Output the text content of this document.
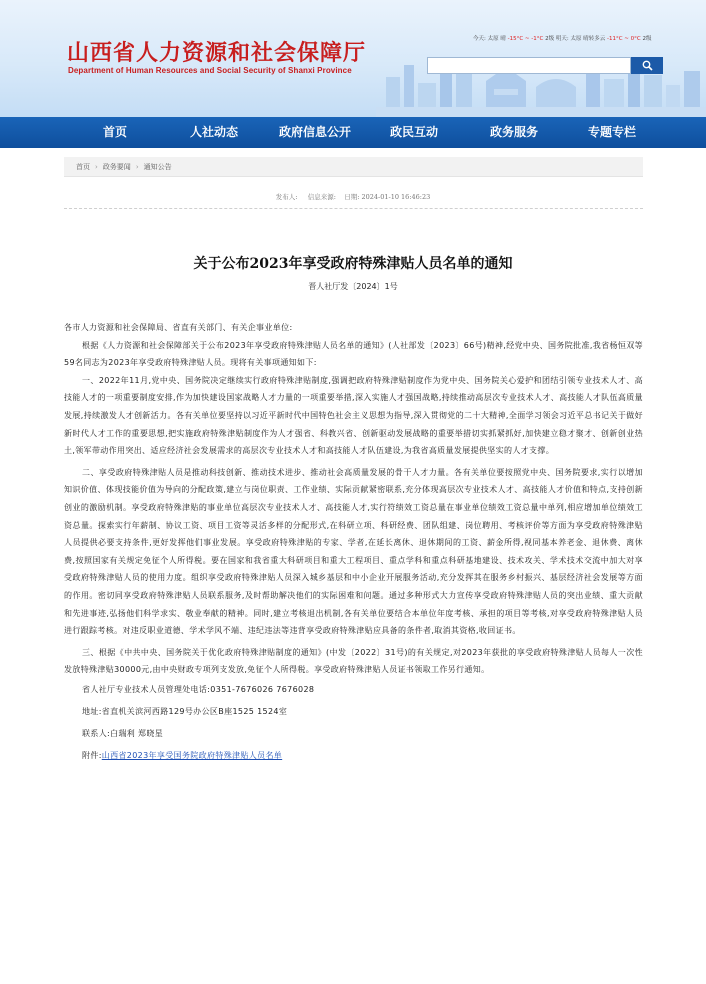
山西省人力资源和社会保障厅
Department of Human Resources and Social Security of Shanxi Province
今天: 太原 晴 -15°C ~ -1°C 2级 明天: 太原 晴转多云 -11°C ~ 0°C 2级
首页	人社动态	政府信息公开	政民互动	政务服务	专题专栏
首页 › 政务要闻 › 通知公告
发布人: 信息来源: 日期: 2024-01-10 16:46:23
关于公布2023年享受政府特殊津贴人员名单的通知
晋人社厅发〔2024〕1号

各市人力资源和社会保障局、省直有关部门、有关企事业单位:

根据《人力资源和社会保障部关于公布2023年享受政府特殊津贴人员名单的通知》(人社部发〔2023〕66号)精神,经党中央、国务院批准,我省杨恒双等59名同志为2023年享受政府特殊津贴人员。现将有关事项通知如下:

一、2022年11月,党中央、国务院决定继续实行政府特殊津贴制度,强调把政府特殊津贴制度作为党中央、国务院关心爱护和团结引领专业技术人才、高技能人才的一项重要制度安排,作为加快建设国家战略人才力量的一项重要举措,深入实施人才强国战略,持续推动高层次专业技术人才、高技能人才队伍高质量发展,持续激发人才创新活力。各有关单位要坚持以习近平新时代中国特色社会主义思想为指导,深入贯彻党的二十大精神,全面学习领会习近平总书记关于做好新时代人才工作的重要思想,把实施政府特殊津贴制度作为人才强省、科教兴省、创新驱动发展战略的重要举措切实抓紧抓好,加快建立稳才聚才、创新创业热土,领军带动作用突出、适应经济社会发展需求的高层次专业技术人才和高技能人才队伍建设,为我省高质量发展提供坚实的人才支撑。

二、享受政府特殊津贴人员是推动科技创新、推动技术进步、推动社会高质量发展的骨干人才力量。各有关单位要按照党中央、国务院要求,实行以增加知识价值、体现技能价值为导向的分配政策,建立与岗位职责、工作业绩、实际贡献紧密联系,充分体现高层次专业技术人才、高技能人才价值和特点,支持创新创业的激励机制。享受政府特殊津贴的事业单位高层次专业技术人才、高技能人才,实行符绩效工资总量在事业单位绩效工资总量中单列,相应增加单位绩效工资总量。探索实行年薪制、协议工资、项目工资等灵活多样的分配形式,在科研立项、科研经费、团队组建、岗位聘用、考核评价等方面为享受政府特殊津贴人员提供必要支持条件,更好发挥他们事业发展。享受政府特殊津贴的专家、学者,在延长离休、退休期间的工资、薪金所得,视同基本养老金、退休费、离休费,按照国家有关规定免征个人所得税。要在国家和我省重大科研项目和重大工程项目、重点学科和重点科研基地建设、技术攻关、学术技术交流中加大对享受政府特殊津贴人员的使用力度。组织享受政府特殊津贴人员深入城乡基层和中小企业开展服务活动,充分发挥其在服务乡村振兴、基层经济社会发展等方面的作用。密切同享受政府特殊津贴人员联系服务,及时帮助解决他们的实际困难和问题。通过多种形式大力宣传享受政府特殊津贴人员的突出业绩、重大贡献和先进事迹,弘扬他们科学求实、敬业奉献的精神。同时,建立考核退出机制,各有关单位要结合本单位年度考核、承担的项目等考核,对享受政府特殊津贴人员进行跟踪考核。对违反职业道德、学术学风不端、违纪违法等违背享受政府特殊津贴应具备的条件者,取消其资格,收回证书。

三、根据《中共中央、国务院关于优化政府特殊津贴制度的通知》(中发〔2022〕31号)的有关规定,对2023年获批的享受政府特殊津贴人员每人一次性发放特殊津贴30000元,由中央财政专项列支发放,免征个人所得税。享受政府特殊津贴人员证书领取工作另行通知。

省人社厅专业技术人员管理处电话:0351-7676026 7676028

地址:省直机关滨河西路129号办公区B座1525 1524室

联系人:白瑞利 郑晓星

附件:山西省2023年享受国务院政府特殊津贴人员名单
